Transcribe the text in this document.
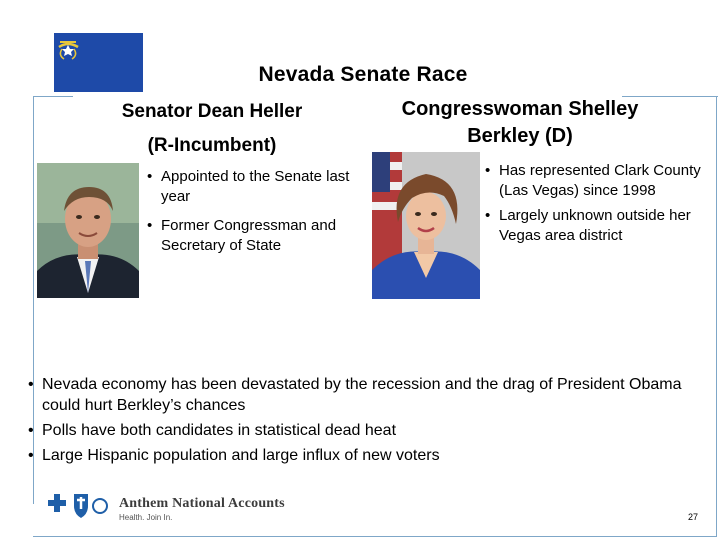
Nevada Senate Race
Senator Dean Heller
(R-Incumbent)
Congresswoman Shelley
Berkley (D)
• Appointed to the Senate last year
• Former Congressman and Secretary of State
• Has represented Clark County (Las Vegas) since 1998
• Largely unknown outside her Vegas area district
• Nevada economy has been devastated by the recession and the drag of President Obama could hurt Berkley’s chances
• Polls have both candidates in statistical dead heat
• Large Hispanic population and large influx of new voters
Anthem National Accounts
Health. Join In.	27
